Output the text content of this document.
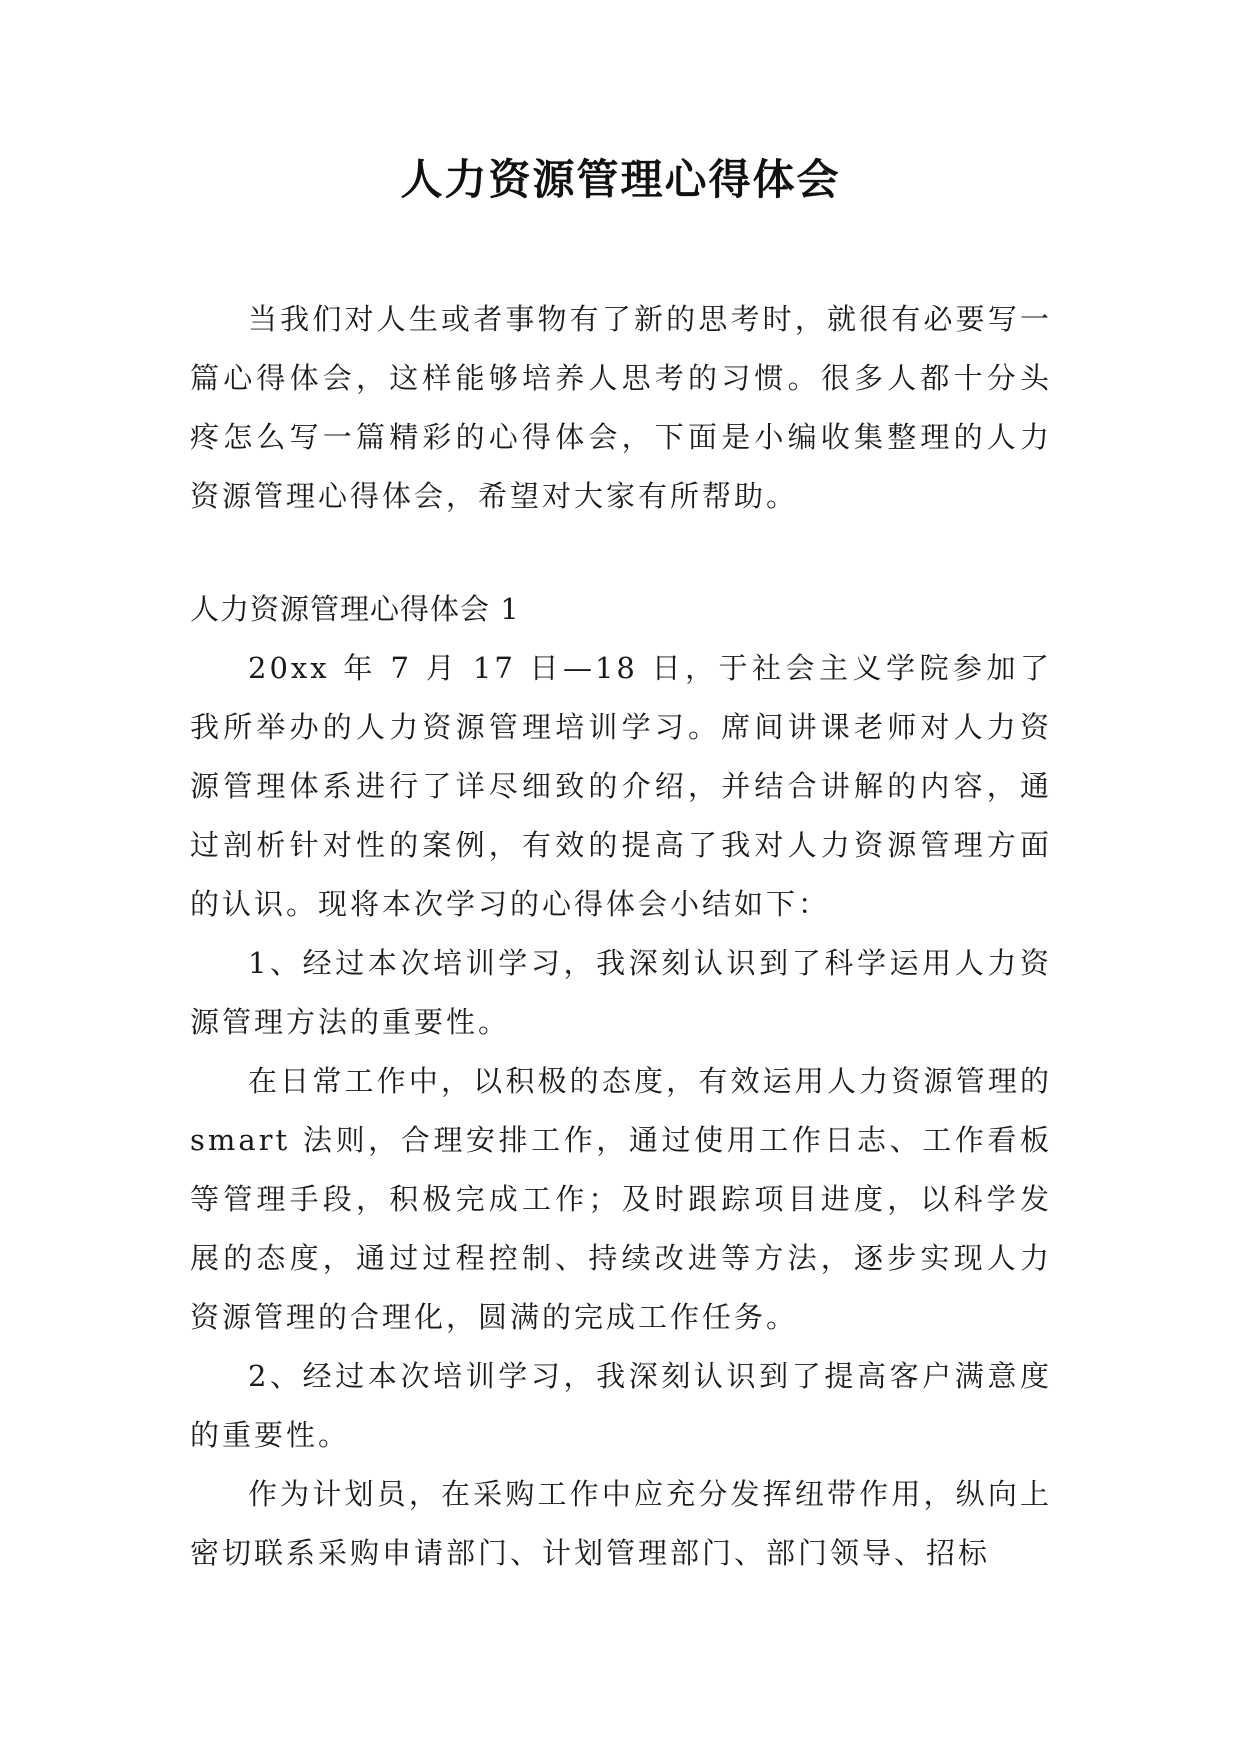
人力资源管理心得体会

当我们对人生或者事物有了新的思考时，就很有必要写一篇心得体会，这样能够培养人思考的习惯。很多人都十分头疼怎么写一篇精彩的心得体会，下面是小编收集整理的人力资源管理心得体会，希望对大家有所帮助。

人力资源管理心得体会 1

20xx 年 7 月 17 日—18 日，于社会主义学院参加了我所举办的人力资源管理培训学习。席间讲课老师对人力资源管理体系进行了详尽细致的介绍，并结合讲解的内容，通过剖析针对性的案例，有效的提高了我对人力资源管理方面的认识。现将本次学习的心得体会小结如下：

1、经过本次培训学习，我深刻认识到了科学运用人力资源管理方法的重要性。

在日常工作中，以积极的态度，有效运用人力资源管理的 smart 法则，合理安排工作，通过使用工作日志、工作看板等管理手段，积极完成工作；及时跟踪项目进度，以科学发展的态度，通过过程控制、持续改进等方法，逐步实现人力资源管理的合理化，圆满的完成工作任务。

2、经过本次培训学习，我深刻认识到了提高客户满意度的重要性。

作为计划员，在采购工作中应充分发挥纽带作用，纵向上密切联系采购申请部门、计划管理部门、部门领导、招标
